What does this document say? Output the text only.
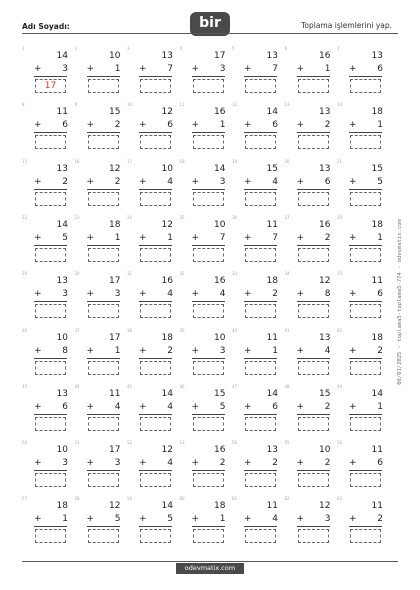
Adı Soyadı:	bir	Toplama işlemlerini yap.
1
14
+	3
17
2
10
+	1
3
13
+	7
4
17
+	3
5
13
+	7
6
16
+	1
7
13
+	6
8
11
+	6
9
15
+	2
10
12
+	6
11
16
+	1
12
14
+	6
13
13
+	2
14
18
+	1
15
13
+	2
16
12
+	2
17
10
+	4
18
14
+	3
19
15
+	4
20
13
+	6
21
15
+	5
22
14
+	5
23
18
+	1
24
12
+	1
25
10
+	7
26
11
+	7
27
16
+	2
28
18
+	1
29
13
+	3
30
17
+	3
31
16
+	4
32
16
+	4
33
18
+	2
34
12
+	8
35
11
+	6
36
10
+	8
37
17
+	1
38
18
+	2
39
10
+	3
40
11
+	1
41
13
+	4
42
18
+	2
43
13
+	6
44
11
+	4
45
14
+	4
46
15
+	5
47
14
+	6
48
15
+	2
49
14
+	1
50
10
+	3
51
17
+	3
52
12
+	4
53
16
+	2
54
13
+	2
55
10
+	2
56
11
+	6
57
18
+	1
58
12
+	5
59
14
+	5
60
18
+	1
61
11
+	4
62
12
+	3
63
11
+	2
08/01/2025 - toplama5-toplama5-774 - odevmatix.com
odevmatix.com
